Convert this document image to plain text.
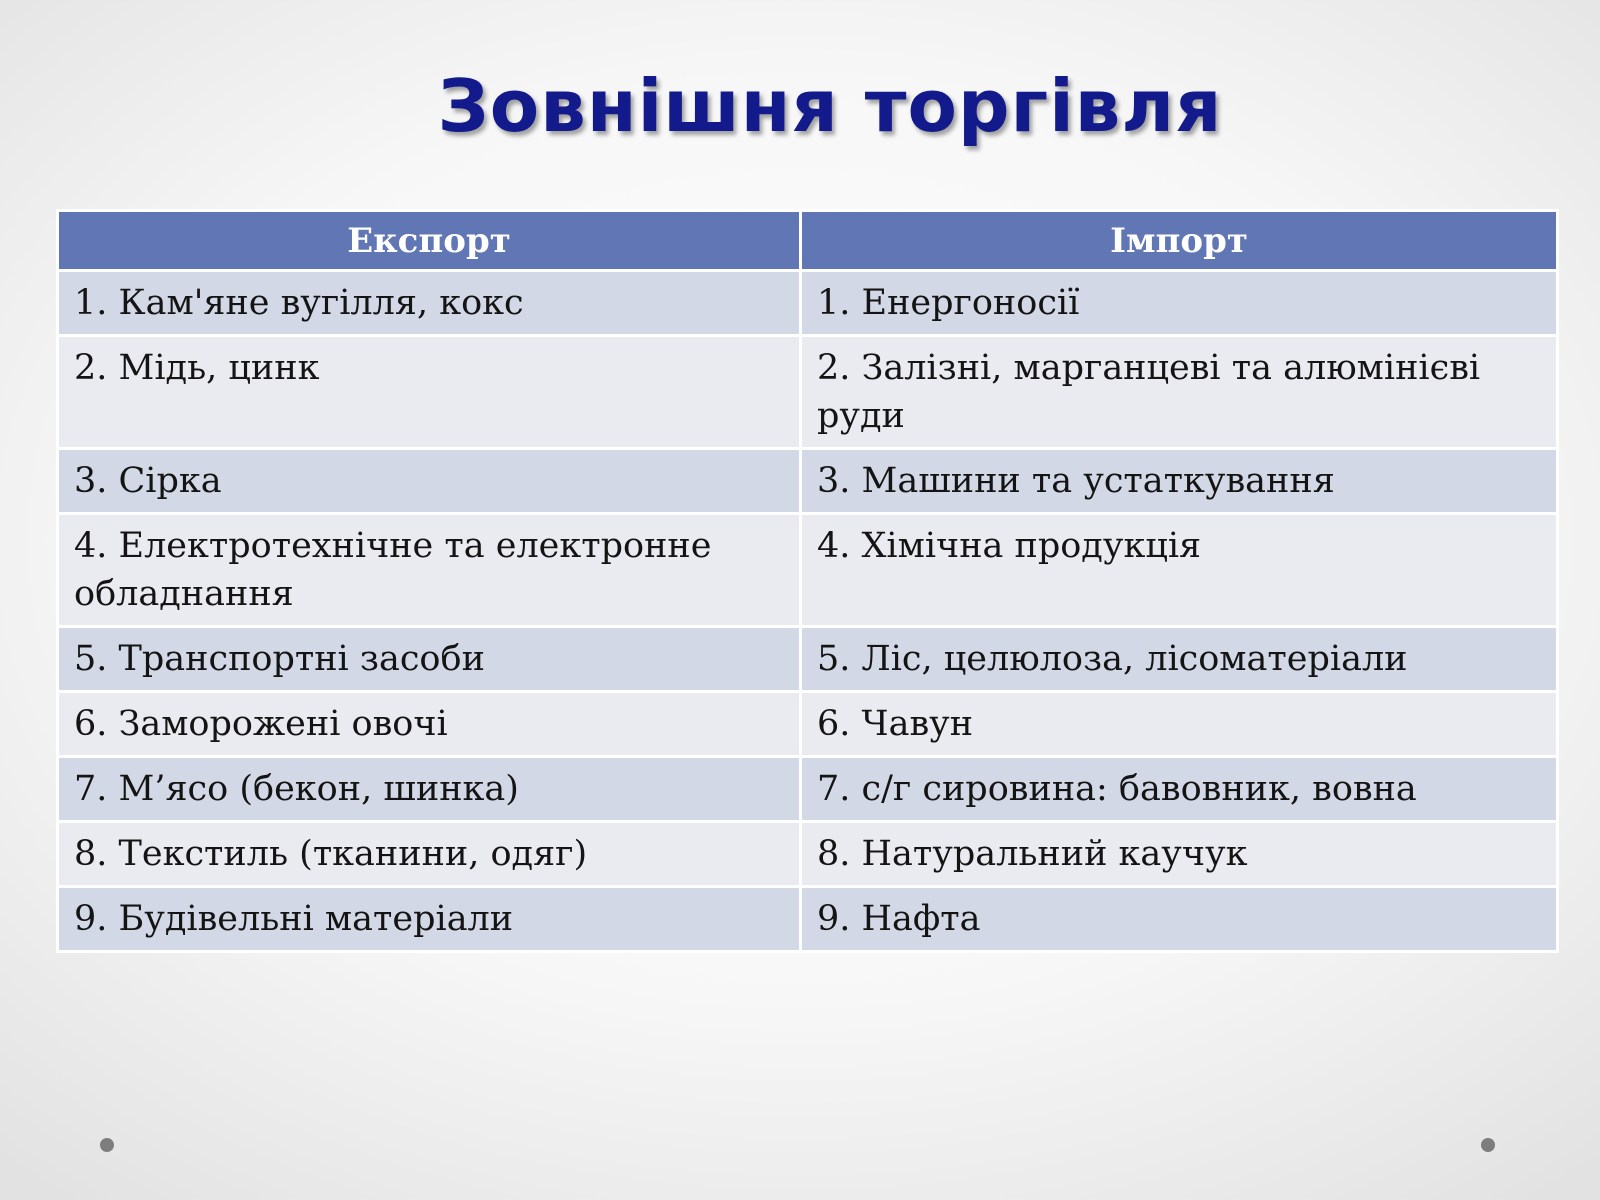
Зовнішня торгівля
Експорт	Імпорт
1. Кам'яне вугілля, кокс	1. Енергоносії
2. Мідь, цинк	2. Залізні, марганцеві та алюмінієві руди
3. Сірка	3. Машини та устаткування
4. Електротехнічне та електронне обладнання	4. Хімічна продукція
5. Транспортні засоби	5. Ліс, целюлоза, лісоматеріали
6. Заморожені овочі	6. Чавун
7. М’ясо (бекон, шинка)	7. с/г сировина: бавовник, вовна
8. Текстиль (тканини, одяг)	8. Натуральний каучук
9. Будівельні матеріали	9. Нафта
